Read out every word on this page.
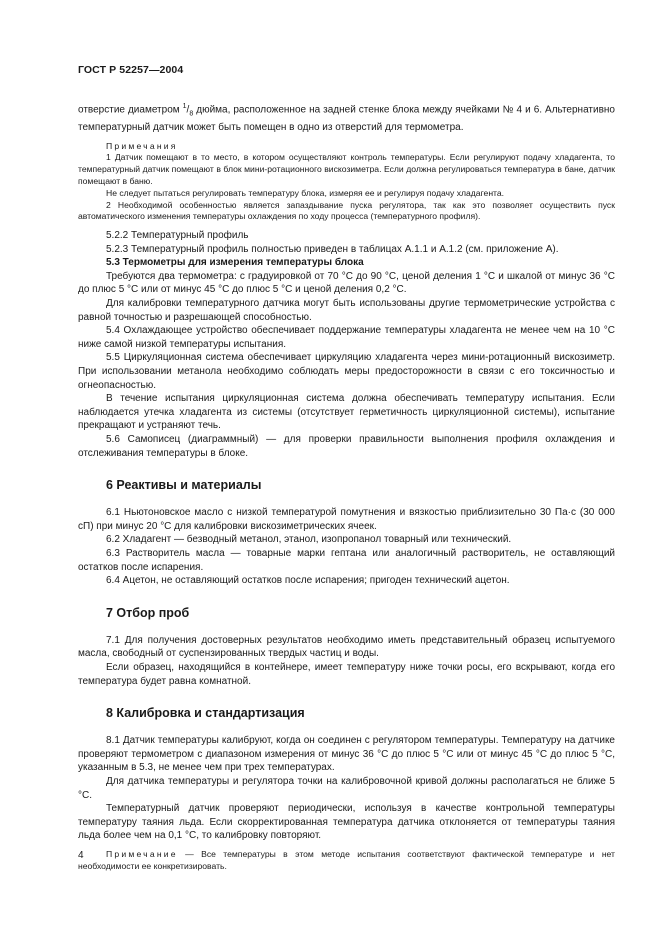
ГОСТ Р 52257—2004

отверстие диаметром $^1/_8$ дюйма, расположенное на задней стенке блока между ячейками № 4 и 6. Альтернативно температурный датчик может быть помещен в одно из отверстий для термометра.

Примечания

1 Датчик помещают в то место, в котором осуществляют контроль температуры. Если регулируют подачу хладагента, то температурный датчик помещают в блок мини-ротационного вискозиметра. Если должна регулироваться температура в бане, датчик помещают в баню.

Не следует пытаться регулировать температуру блока, измеряя ее и регулируя подачу хладагента.

2 Необходимой особенностью является запаздывание пуска регулятора, так как это позволяет осуществить пуск автоматического изменения температуры охлаждения по ходу процесса (температурного профиля).

5.2.2 Температурный профиль

5.2.3 Температурный профиль полностью приведен в таблицах А.1.1 и А.1.2 (см. приложение А).

5.3 Термометры для измерения температуры блока

Требуются два термометра: с градуировкой от 70 °С до 90 °С, ценой деления 1 °С и шкалой от минус 36 °С до плюс 5 °С или от минус 45 °С до плюс 5 °С и ценой деления 0,2 °С.

Для калибровки температурного датчика могут быть использованы другие термометрические устройства с равной точностью и разрешающей способностью.

5.4 Охлаждающее устройство обеспечивает поддержание температуры хладагента не менее чем на 10 °С ниже самой низкой температуры испытания.

5.5 Циркуляционная система обеспечивает циркуляцию хладагента через мини-ротационный вискозиметр. При использовании метанола необходимо соблюдать меры предосторожности в связи с его токсичностью и огнеопасностью.

В течение испытания циркуляционная система должна обеспечивать температуру испытания. Если наблюдается утечка хладагента из системы (отсутствует герметичность циркуляционной системы), испытание прекращают и устраняют течь.

5.6 Самописец (диаграммный) — для проверки правильности выполнения профиля охлаждения и отслеживания температуры в блоке.

6 Реактивы и материалы

6.1 Ньютоновское масло с низкой температурой помутнения и вязкостью приблизительно 30 Па·с (30 000 сП) при минус 20 °С для калибровки вискозиметрических ячеек.

6.2 Хладагент — безводный метанол, этанол, изопропанол товарный или технический.

6.3 Растворитель масла — товарные марки гептана или аналогичный растворитель, не оставляющий остатков после испарения.

6.4 Ацетон, не оставляющий остатков после испарения; пригоден технический ацетон.

7 Отбор проб

7.1 Для получения достоверных результатов необходимо иметь представительный образец испытуемого масла, свободный от суспензированных твердых частиц и воды.

Если образец, находящийся в контейнере, имеет температуру ниже точки росы, его вскрывают, когда его температура будет равна комнатной.

8 Калибровка и стандартизация

8.1 Датчик температуры калибруют, когда он соединен с регулятором температуры. Температуру на датчике проверяют термометром с диапазоном измерения от минус 36 °С до плюс 5 °С или от минус 45 °С до плюс 5 °С, указанным в 5.3, не менее чем при трех температурах.

Для датчика температуры и регулятора точки на калибровочной кривой должны располагаться не ближе 5 °С.

Температурный датчик проверяют периодически, используя в качестве контрольной температуры температуру таяния льда. Если скорректированная температура датчика отклоняется от температуры таяния льда более чем на 0,1 °С, то калибровку повторяют.

Примечание — Все температуры в этом методе испытания соответствуют фактической температуре и нет необходимости ее конкретизировать.

4
